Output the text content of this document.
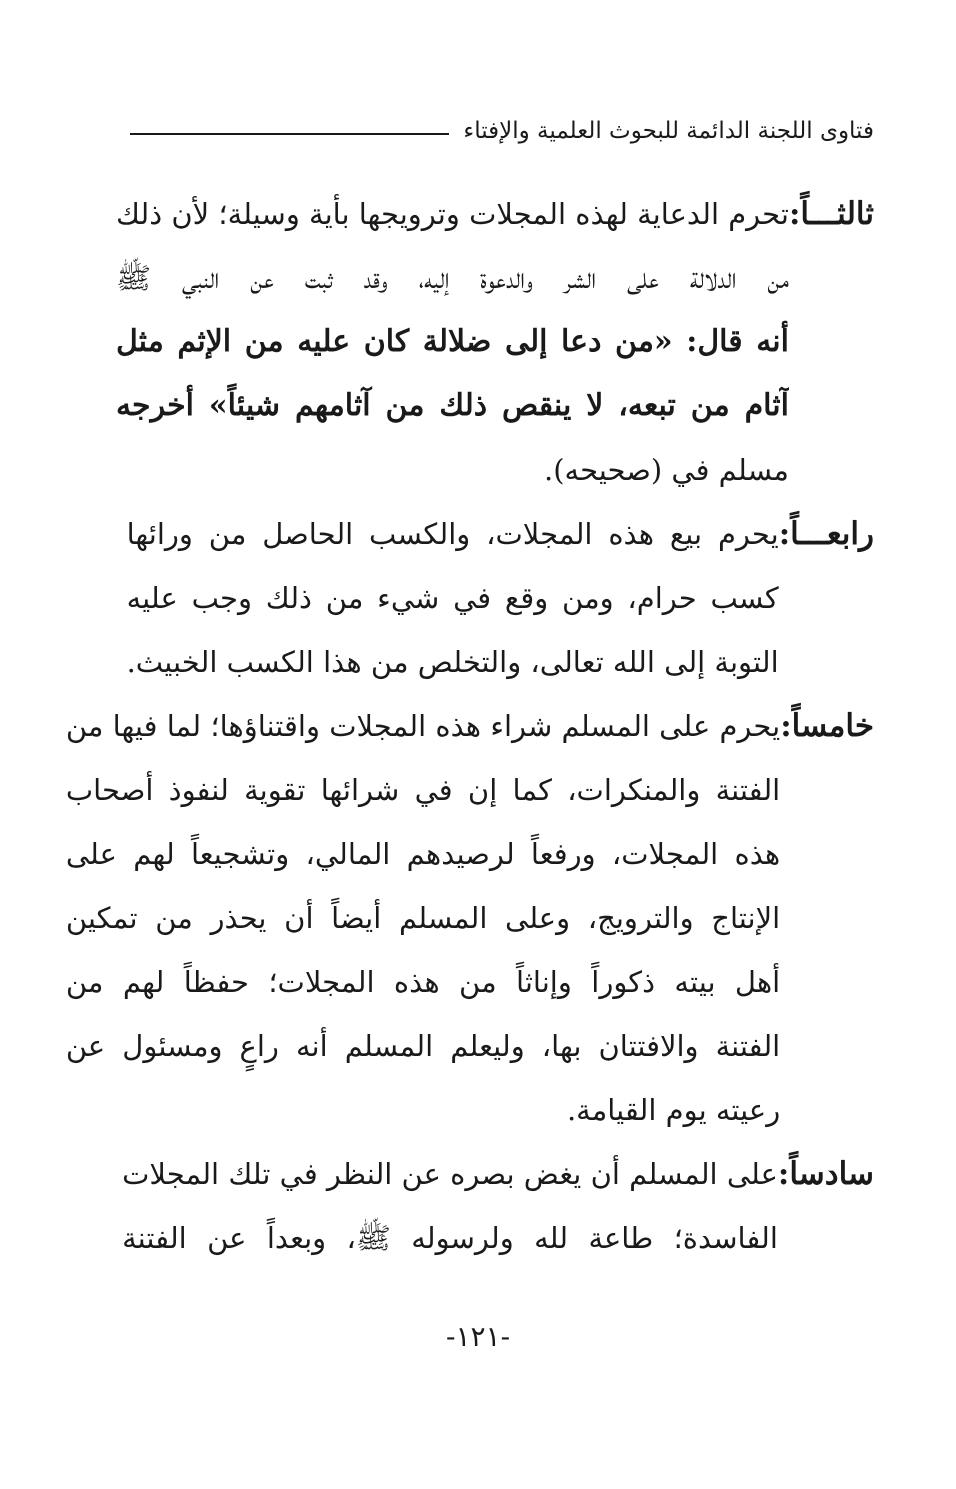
فتاوى اللجنة الدائمة للبحوث العلمية والإفتاء
ثالثـــاً:
تحرم الدعاية لهذه المجلات وترويجها بأية وسيلة؛ لأن ذلك
من الدلالة على الشر والدعوة إليه، وقد ثبت عن النبي ﷺ
أنه قال: «من دعا إلى ضلالة كان عليه من الإثم مثل
آثام من تبعه، لا ينقص ذلك من آثامهم شيئاً» أخرجه
مسلم في (صحيحه).
رابعـــاً:
يحرم بيع هذه المجلات، والكسب الحاصل من ورائها
كسب حرام، ومن وقع في شيء من ذلك وجب عليه
التوبة إلى الله تعالى، والتخلص من هذا الكسب الخبيث.
خامساً:
يحرم على المسلم شراء هذه المجلات واقتناؤها؛ لما فيها من
الفتنة والمنكرات، كما إن في شرائها تقوية لنفوذ أصحاب
هذه المجلات، ورفعاً لرصيدهم المالي، وتشجيعاً لهم على
الإنتاج والترويج، وعلى المسلم أيضاً أن يحذر من تمكين
أهل بيته ذكوراً وإناثاً من هذه المجلات؛ حفظاً لهم من
الفتنة والافتتان بها، وليعلم المسلم أنه راعٍ ومسئول عن
رعيته يوم القيامة.
سادساً:
على المسلم أن يغض بصره عن النظر في تلك المجلات
الفاسدة؛ طاعة لله ولرسوله ﷺ، وبعداً عن الفتنة
-١٢١-
